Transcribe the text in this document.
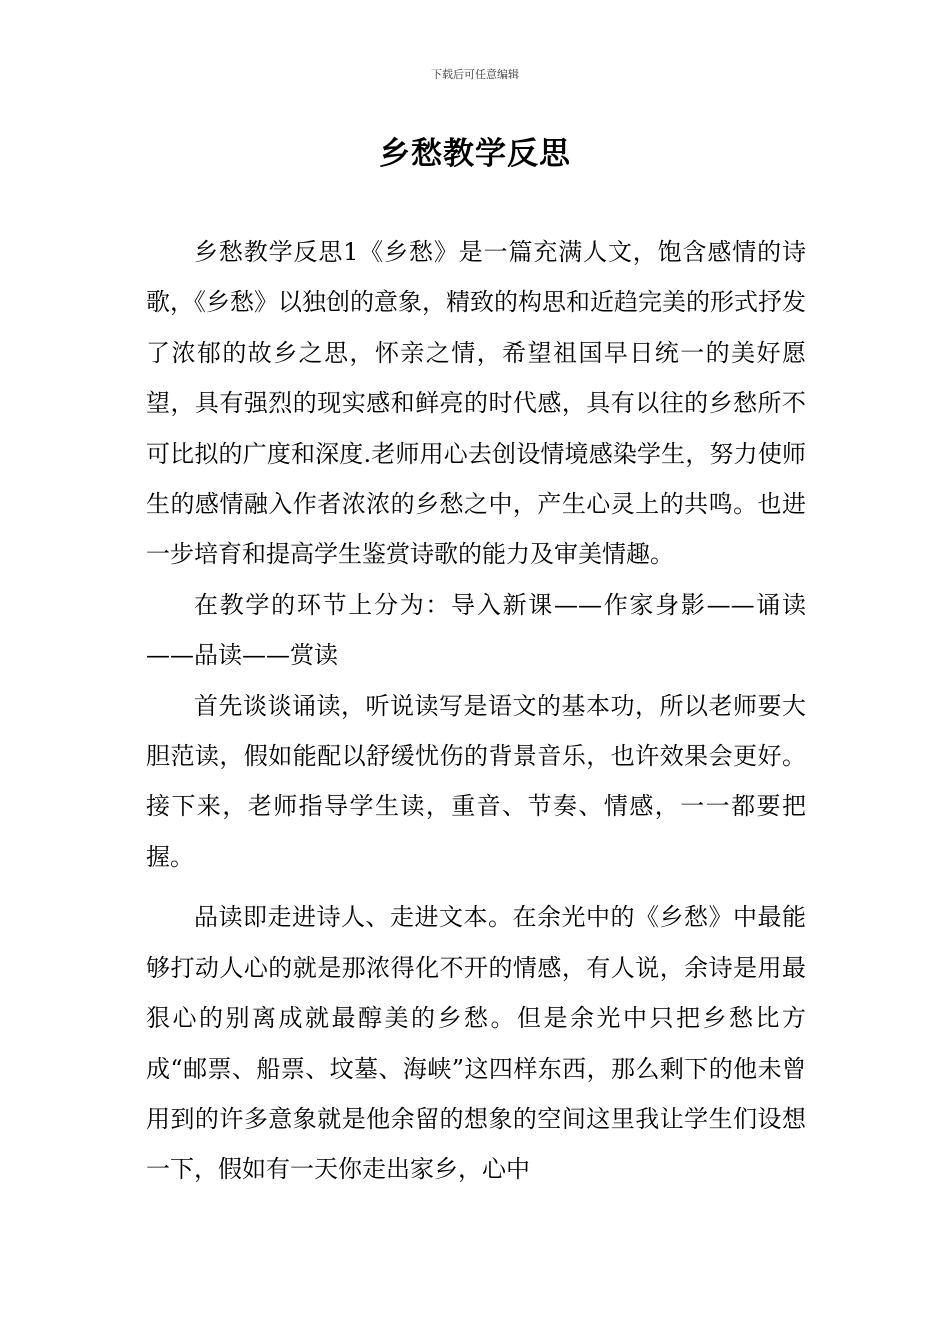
下载后可任意编辑
乡愁教学反思

乡愁教学反思1《乡愁》是一篇充满人文，饱含感情的诗歌，《乡愁》以独创的意象，精致的构思和近趋完美的形式抒发了浓郁的故乡之思，怀亲之情，希望祖国早日统一的美好愿望，具有强烈的现实感和鲜亮的时代感，具有以往的乡愁所不可比拟的广度和深度.老师用心去创设情境感染学生，努力使师生的感情融入作者浓浓的乡愁之中，产生心灵上的共鸣。也进一步培育和提高学生鉴赏诗歌的能力及审美情趣。

在教学的环节上分为：导入新课——作家身影——诵读——品读——赏读

首先谈谈诵读，听说读写是语文的基本功，所以老师要大胆范读，假如能配以舒缓忧伤的背景音乐，也许效果会更好。接下来，老师指导学生读，重音、节奏、情感，一一都要把握。

品读即走进诗人、走进文本。在余光中的《乡愁》中最能够打动人心的就是那浓得化不开的情感，有人说，余诗是用最狠心的别离成就最醇美的乡愁。但是余光中只把乡愁比方成“邮票、船票、坟墓、海峡”这四样东西，那么剩下的他未曾用到的许多意象就是他余留的想象的空间这里我让学生们设想一下，假如有一天你走出家乡，心中
